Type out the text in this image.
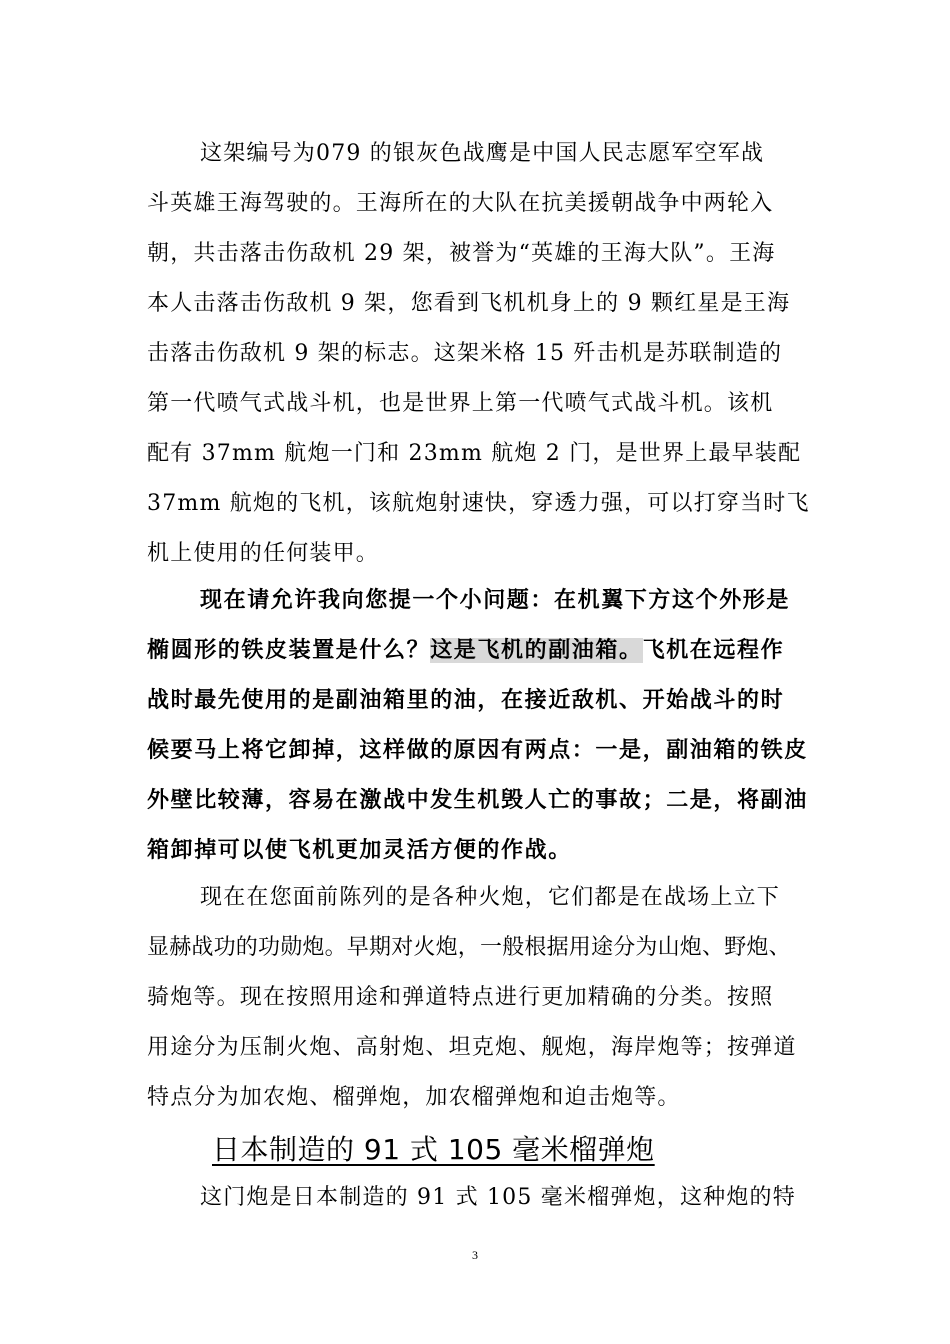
这架编号为079 的银灰色战鹰是中国人民志愿军空军战
斗英雄王海驾驶的。王海所在的大队在抗美援朝战争中两轮入
朝，共击落击伤敌机 29 架，被誉为“英雄的王海大队”。王海
本人击落击伤敌机 9 架，您看到飞机机身上的 9 颗红星是王海
击落击伤敌机 9 架的标志。这架米格 15 歼击机是苏联制造的
第一代喷气式战斗机，也是世界上第一代喷气式战斗机。该机
配有 37mm 航炮一门和 23mm 航炮 2 门，是世界上最早装配
37mm 航炮的飞机，该航炮射速快，穿透力强，可以打穿当时飞
机上使用的任何装甲。
现在请允许我向您提一个小问题：在机翼下方这个外形是
椭圆形的铁皮装置是什么？这是飞机的副油箱。飞机在远程作
战时最先使用的是副油箱里的油，在接近敌机、开始战斗的时
候要马上将它卸掉，这样做的原因有两点：一是，副油箱的铁皮
外壁比较薄，容易在激战中发生机毁人亡的事故；二是，将副油
箱卸掉可以使飞机更加灵活方便的作战。
现在在您面前陈列的是各种火炮，它们都是在战场上立下
显赫战功的功勋炮。早期对火炮，一般根据用途分为山炮、野炮、
骑炮等。现在按照用途和弹道特点进行更加精确的分类。按照
用途分为压制火炮、高射炮、坦克炮、舰炮，海岸炮等；按弹道
特点分为加农炮、榴弹炮，加农榴弹炮和迫击炮等。
日本制造的 91 式 105 毫米榴弹炮
这门炮是日本制造的 91 式 105 毫米榴弹炮，这种炮的特
3
